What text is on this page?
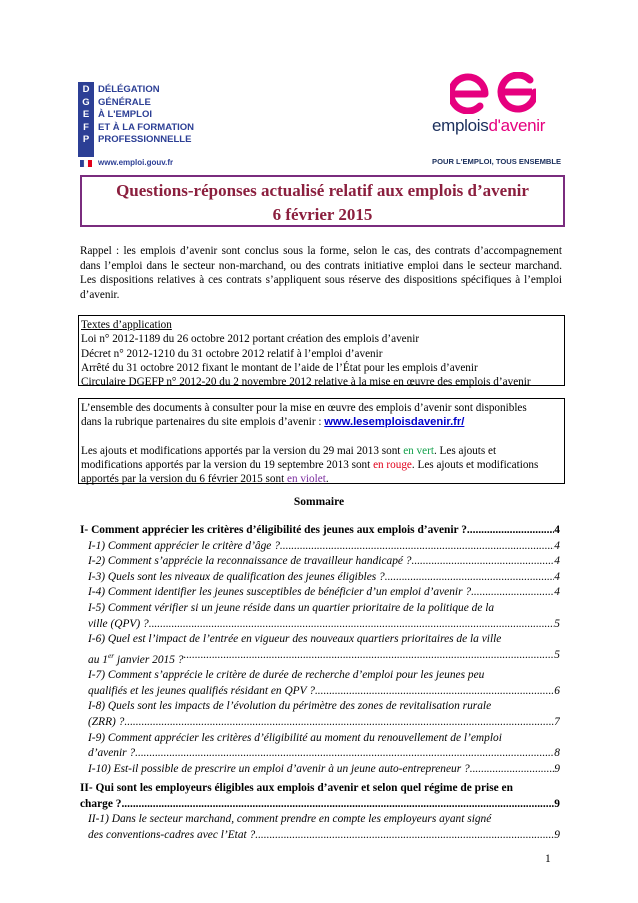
D
G
E
F
P
DÉLÉGATION
GÉNÉRALE
À L'EMPLOI
ET À LA FORMATION
PROFESSIONNELLE
www.emploi.gouv.fr
emploisd'avenir
POUR L'EMPLOI, TOUS ENSEMBLE
Questions-réponses actualisé relatif aux emplois d’avenir
6 février 2015
Rappel : les emplois d’avenir sont conclus sous la forme, selon le cas, des contrats d’accompagnement dans l’emploi dans le secteur non-marchand, ou des contrats initiative emploi dans le secteur marchand. Les dispositions relatives à ces contrats s’appliquent sous réserve des dispositions spécifiques à l’emploi d’avenir.
Textes d’application
Loi n° 2012-1189 du 26 octobre 2012 portant création des emplois d’avenir
Décret n° 2012-1210 du 31 octobre 2012 relatif à l’emploi d’avenir
Arrêté du 31 octobre 2012 fixant le montant de l’aide de l’État pour les emplois d’avenir
Circulaire DGEFP n° 2012-20 du 2 novembre 2012 relative à la mise en œuvre des emplois d’avenir
L’ensemble des documents à consulter pour la mise en œuvre des emplois d’avenir sont disponibles
dans la rubrique partenaires du site emplois d’avenir : www.lesemploisdavenir.fr/
Les ajouts et modifications apportés par la version du 29 mai 2013 sont en vert. Les ajouts et
modifications apportés par la version du 19 septembre 2013 sont en rouge. Les ajouts et modifications
apportés par la version du 6 février 2015 sont en violet.
Sommaire
I- Comment apprécier les critères d’éligibilité des jeunes aux emplois d’avenir ? .....	4
I-1) Comment apprécier le critère d’âge ? .....	4
I-2) Comment s’apprécie la reconnaissance de travailleur handicapé ? .....	4
I-3) Quels sont les niveaux de qualification des jeunes éligibles ? .....	4
I-4) Comment identifier les jeunes susceptibles de bénéficier d’un emploi d’avenir ? .....	4
I-5) Comment vérifier si un jeune réside dans un quartier prioritaire de la politique de la
ville (QPV) ? .....	5
I-6) Quel est l’impact de l’entrée en vigueur des nouveaux quartiers prioritaires de la ville
au 1er janvier 2015 ? .....	5
I-7) Comment s’apprécie le critère de durée de recherche d’emploi pour les jeunes peu
qualifiés et les jeunes qualifiés résidant en QPV ? .....	6
I-8) Quels sont les impacts de l’évolution du périmètre des zones de revitalisation rurale
(ZRR) ? .....	7
I-9) Comment apprécier les critères d’éligibilité au moment du renouvellement de l’emploi
d’avenir ? .....	8
I-10) Est-il possible de prescrire un emploi d’avenir à un jeune auto-entrepreneur ? .....	9
II- Qui sont les employeurs éligibles aux emplois d’avenir et selon quel régime de prise en
charge ? .....	9
II-1) Dans le secteur marchand, comment prendre en compte les employeurs ayant signé
des conventions-cadres avec l’Etat ? .....	9
1
